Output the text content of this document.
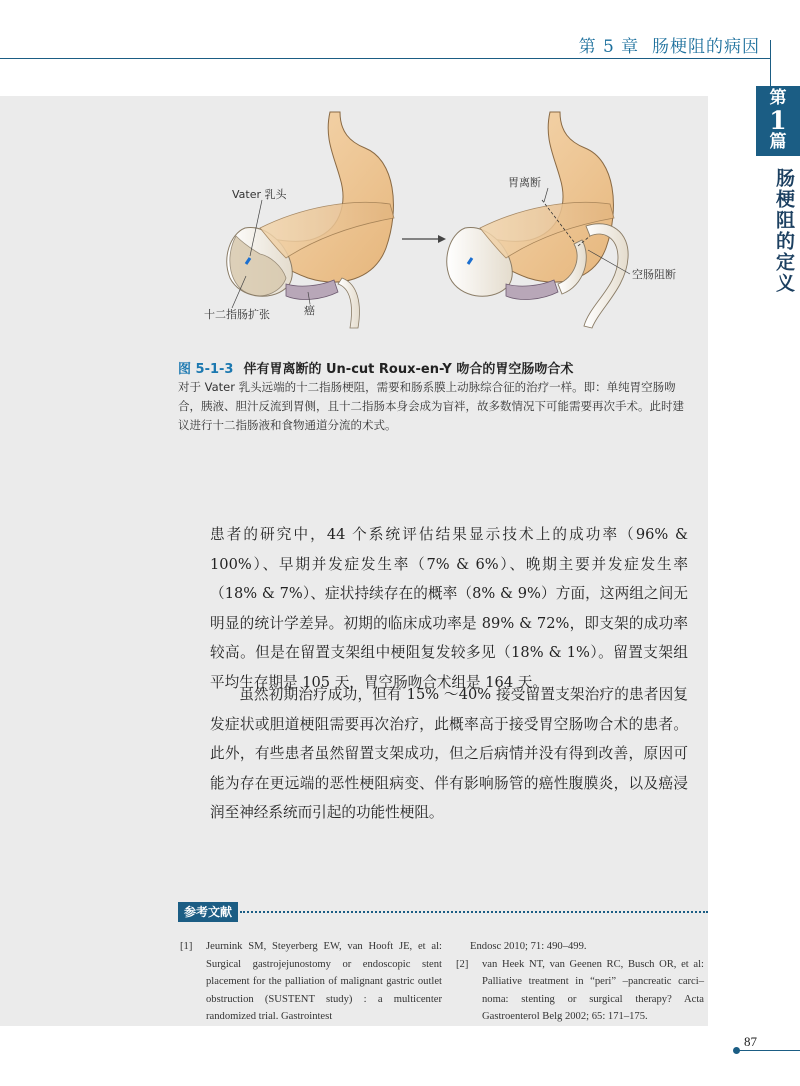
第 5 章 肠梗阻的病因
第
1
篇
肠梗阻的定义
Vater 乳头
十二指肠扩张	癌
胃离断
空肠阻断
图 5-1-3 伴有胃离断的 Un-cut Roux-en-Y 吻合的胃空肠吻合术
对于 Vater 乳头远端的十二指肠梗阻，需要和肠系膜上动脉综合征的治疗一样。即：单纯胃空肠吻合，胰液、胆汁反流到胃侧，且十二指肠本身会成为盲袢，故多数情况下可能需要再次手术。此时建议进行十二指肠液和食物通道分流的术式。

患者的研究中，44 个系统评估结果显示技术上的成功率（96% & 100%）、早期并发症发生率（7% & 6%）、晚期主要并发症发生率（18% & 7%）、症状持续存在的概率（8% & 9%）方面，这两组之间无明显的统计学差异。初期的临床成功率是 89% & 72%，即支架的成功率较高。但是在留置支架组中梗阻复发较多见（18% & 1%）。留置支架组平均生存期是 105 天，胃空肠吻合术组是 164 天。

虽然初期治疗成功，但有 15% ～40% 接受留置支架治疗的患者因复发症状或胆道梗阻需要再次治疗，此概率高于接受胃空肠吻合术的患者。此外，有些患者虽然留置支架成功，但之后病情并没有得到改善，原因可能为存在更远端的恶性梗阻病变、伴有影响肠管的癌性腹膜炎，以及癌浸润至神经系统而引起的功能性梗阻。

参考文献
[1]	Jeurnink SM, Steyerberg EW, van Hooft JE, et al: Surgical gastrojejunostomy or endoscopic stent placement for the palliation of malignant gastric outlet obstruction (SUSTENT study) : a multicenter randomized trial. Gastrointest
Endosc 2010; 71: 490–499.
[2]	van Heek NT, van Geenen RC, Busch OR, et al: Palliative treatment in “peri” –pancreatic carci–noma: stenting or surgical therapy? Acta Gastroenterol Belg 2002; 65: 171–175.
87
